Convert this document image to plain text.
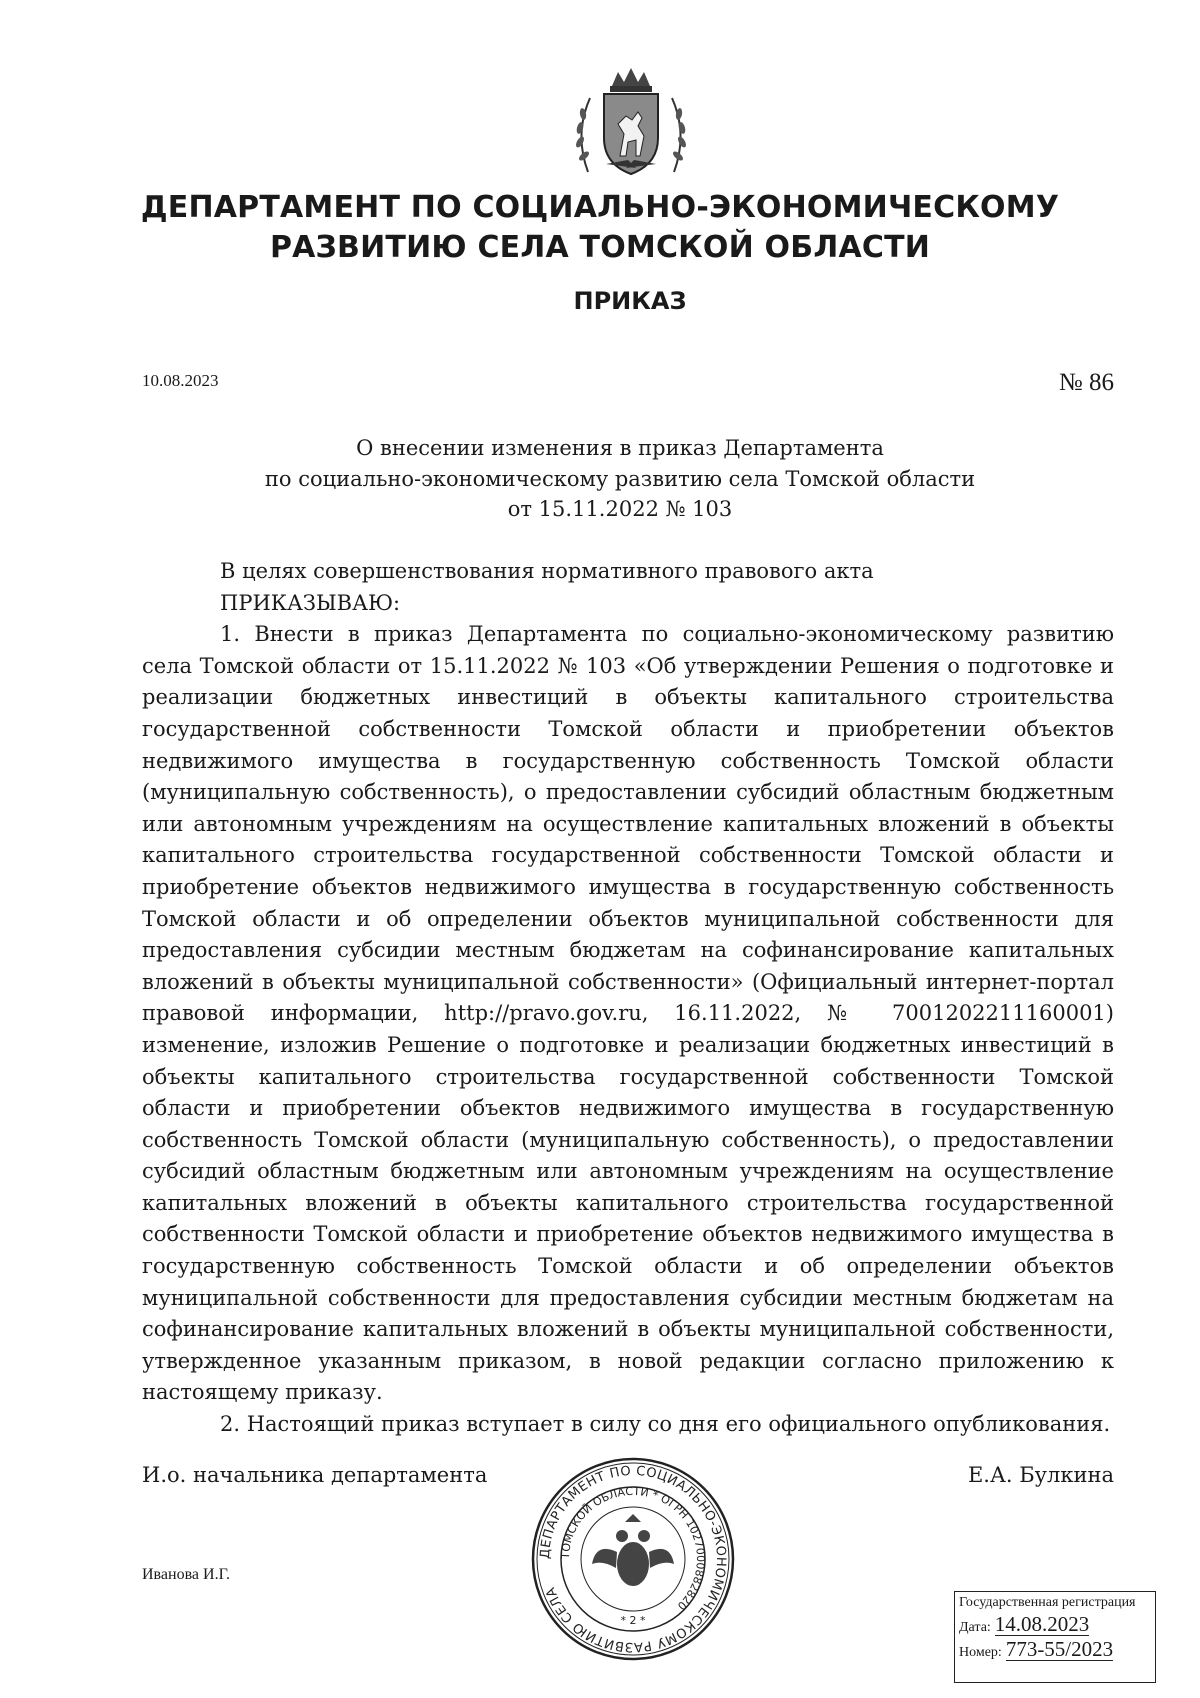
ДЕПАРТАМЕНТ ПО СОЦИАЛЬНО-ЭКОНОМИЧЕСКОМУ
РАЗВИТИЮ СЕЛА ТОМСКОЙ ОБЛАСТИ
ПРИКАЗ
10.08.2023	№ 86
О внесении изменения в приказ Департамента
по социально-экономическому развитию села Томской области
от 15.11.2022 № 103

В целях совершенствования нормативного правового акта

ПРИКАЗЫВАЮ:

1. Внести в приказ Департамента по социально-экономическому развитию села Томской области от 15.11.2022 № 103 «Об утверждении Решения о подготовке и реализации бюджетных инвестиций в объекты капитального строительства государственной собственности Томской области и приобретении объектов недвижимого имущества в государственную собственность Томской области (муниципальную собственность), о предоставлении субсидий областным бюджетным или автономным учреждениям на осуществление капитальных вложений в объекты капитального строительства государственной собственности Томской области и приобретение объектов недвижимого имущества в государственную собственность Томской области и об определении объектов муниципальной собственности для предоставления субсидии местным бюджетам на софинансирование капитальных вложений в объекты муниципальной собственности» (Официальный интернет-портал правовой информации, http://pravo.gov.ru, 16.11.2022, № 7001202211160001) изменение, изложив Решение о подготовке и реализации бюджетных инвестиций в объекты капитального строительства государственной собственности Томской области и приобретении объектов недвижимого имущества в государственную собственность Томской области (муниципальную собственность), о предоставлении субсидий областным бюджетным или автономным учреждениям на осуществление капитальных вложений в объекты капитального строительства государственной собственности Томской области и приобретение объектов недвижимого имущества в государственную собственность Томской области и об определении объектов муниципальной собственности для предоставления субсидии местным бюджетам на софинансирование капитальных вложений в объекты муниципальной собственности, утвержденное указанным приказом, в новой редакции согласно приложению к настоящему приказу.

2. Настоящий приказ вступает в силу со дня его официального опубликования.

И.о. начальника департамента	Е.А. Булкина
Иванова И.Г.
ДЕПАРТАМЕНТ ПО СОЦИАЛЬНО-ЭКОНОМИЧЕСКОМУ РАЗВИТИЮ СЕЛА
ТОМСКОЙ ОБЛАСТИ * ОГРН 1027000882820
* 2 *
Государственная регистрация
Дата: 14.08.2023
Номер: 773-55/2023
